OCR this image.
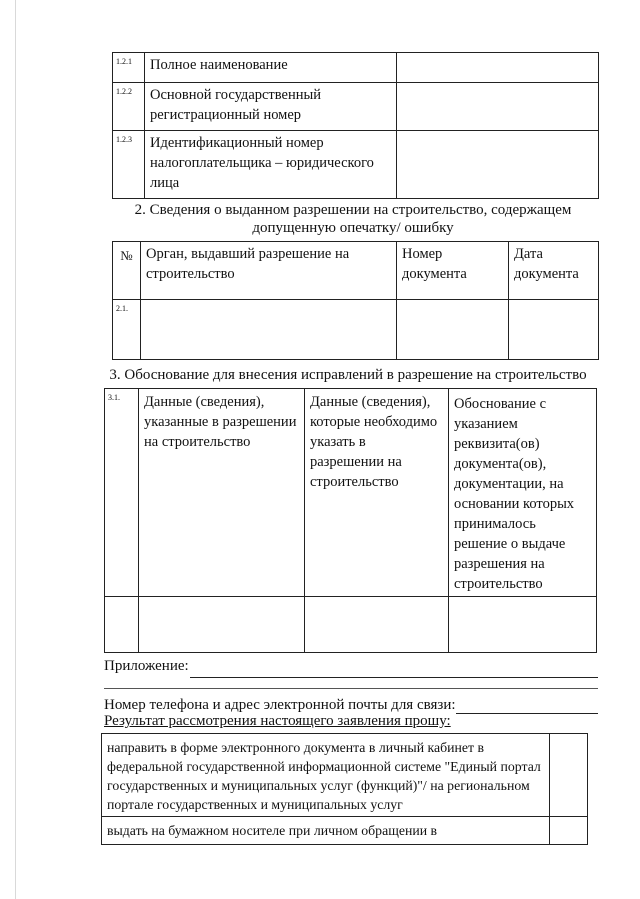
1.2.1	Полное наименование	
1.2.2	Основной государственный регистрационный номер	
1.2.3	Идентификационный номер налогоплательщика – юридического лица	
2. Сведения о выданном разрешении на строительство, содержащем допущенную опечатку/ ошибку
№	Орган, выдавший разрешение на строительство	Номер документа	Дата документа
2.1.			
3. Обоснование для внесения исправлений в разрешение на строительство
3.1.	Данные (сведения), указанные в разрешении на строительство	Данные (сведения), которые необходимо указать в разрешении на строительство	Обоснование с указанием реквизита(ов) документа(ов), документации, на основании которых принималось решение о выдаче разрешения на строительство

Приложение:
Номер телефона и адрес электронной почты для связи:
Результат рассмотрения настоящего заявления прошу:
направить в форме электронного документа в личный кабинет в федеральной государственной информационной системе "Единый портал государственных и муниципальных услуг (функций)"/ на региональном портале государственных и муниципальных услуг	
выдать на бумажном носителе при личном обращении в	
